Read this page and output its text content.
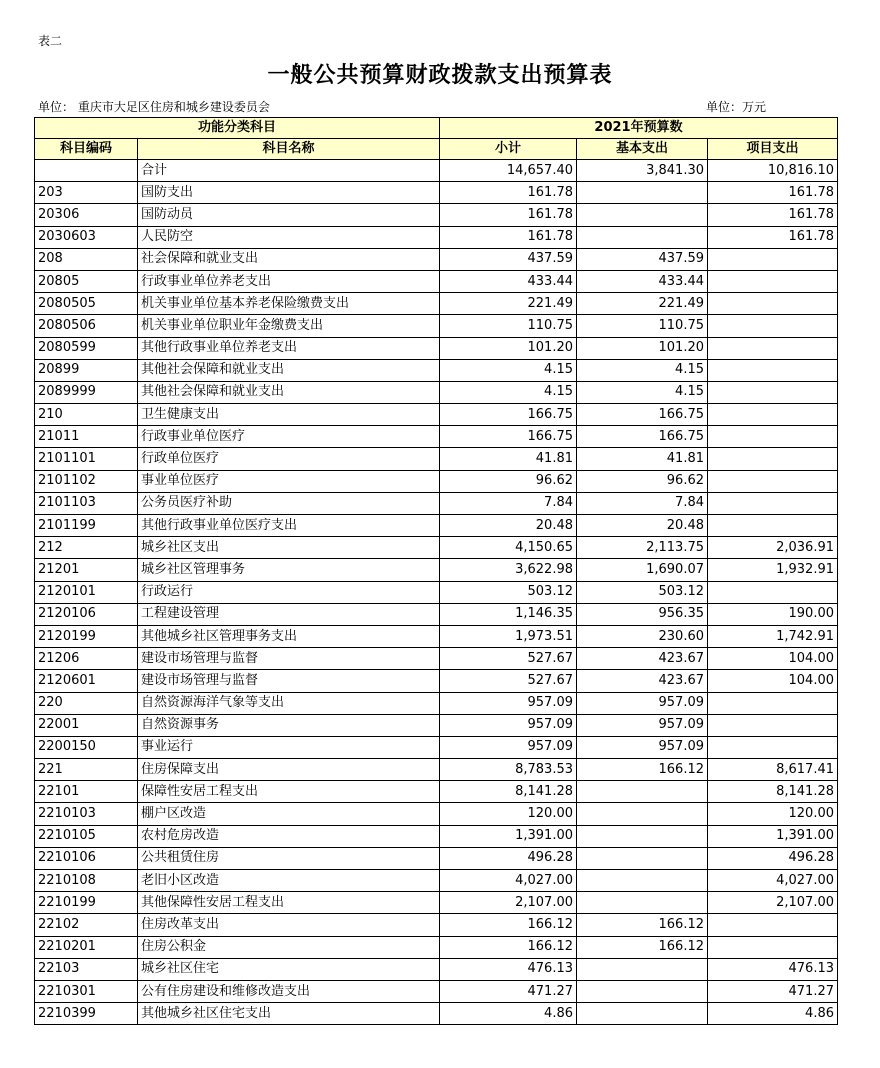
表二
一般公共预算财政拨款支出预算表
单位： 重庆市大足区住房和城乡建设委员会	单位：万元
功能分类科目		2021年预算数		
科目编码	科目名称	小计	基本支出	项目支出
	合计	14,657.40	3,841.30	10,816.10
203	国防支出	161.78		161.78
20306	国防动员	161.78		161.78
2030603	人民防空	161.78		161.78
208	社会保障和就业支出	437.59	437.59	
20805	行政事业单位养老支出	433.44	433.44	
2080505	机关事业单位基本养老保险缴费支出	221.49	221.49	
2080506	机关事业单位职业年金缴费支出	110.75	110.75	
2080599	其他行政事业单位养老支出	101.20	101.20	
20899	其他社会保障和就业支出	4.15	4.15	
2089999	其他社会保障和就业支出	4.15	4.15	
210	卫生健康支出	166.75	166.75	
21011	行政事业单位医疗	166.75	166.75	
2101101	行政单位医疗	41.81	41.81	
2101102	事业单位医疗	96.62	96.62	
2101103	公务员医疗补助	7.84	7.84	
2101199	其他行政事业单位医疗支出	20.48	20.48	
212	城乡社区支出	4,150.65	2,113.75	2,036.91
21201	城乡社区管理事务	3,622.98	1,690.07	1,932.91
2120101	行政运行	503.12	503.12	
2120106	工程建设管理	1,146.35	956.35	190.00
2120199	其他城乡社区管理事务支出	1,973.51	230.60	1,742.91
21206	建设市场管理与监督	527.67	423.67	104.00
2120601	建设市场管理与监督	527.67	423.67	104.00
220	自然资源海洋气象等支出	957.09	957.09	
22001	自然资源事务	957.09	957.09	
2200150	事业运行	957.09	957.09	
221	住房保障支出	8,783.53	166.12	8,617.41
22101	保障性安居工程支出	8,141.28		8,141.28
2210103	棚户区改造	120.00		120.00
2210105	农村危房改造	1,391.00		1,391.00
2210106	公共租赁住房	496.28		496.28
2210108	老旧小区改造	4,027.00		4,027.00
2210199	其他保障性安居工程支出	2,107.00		2,107.00
22102	住房改革支出	166.12	166.12	
2210201	住房公积金	166.12	166.12	
22103	城乡社区住宅	476.13		476.13
2210301	公有住房建设和维修改造支出	471.27		471.27
2210399	其他城乡社区住宅支出	4.86		4.86
